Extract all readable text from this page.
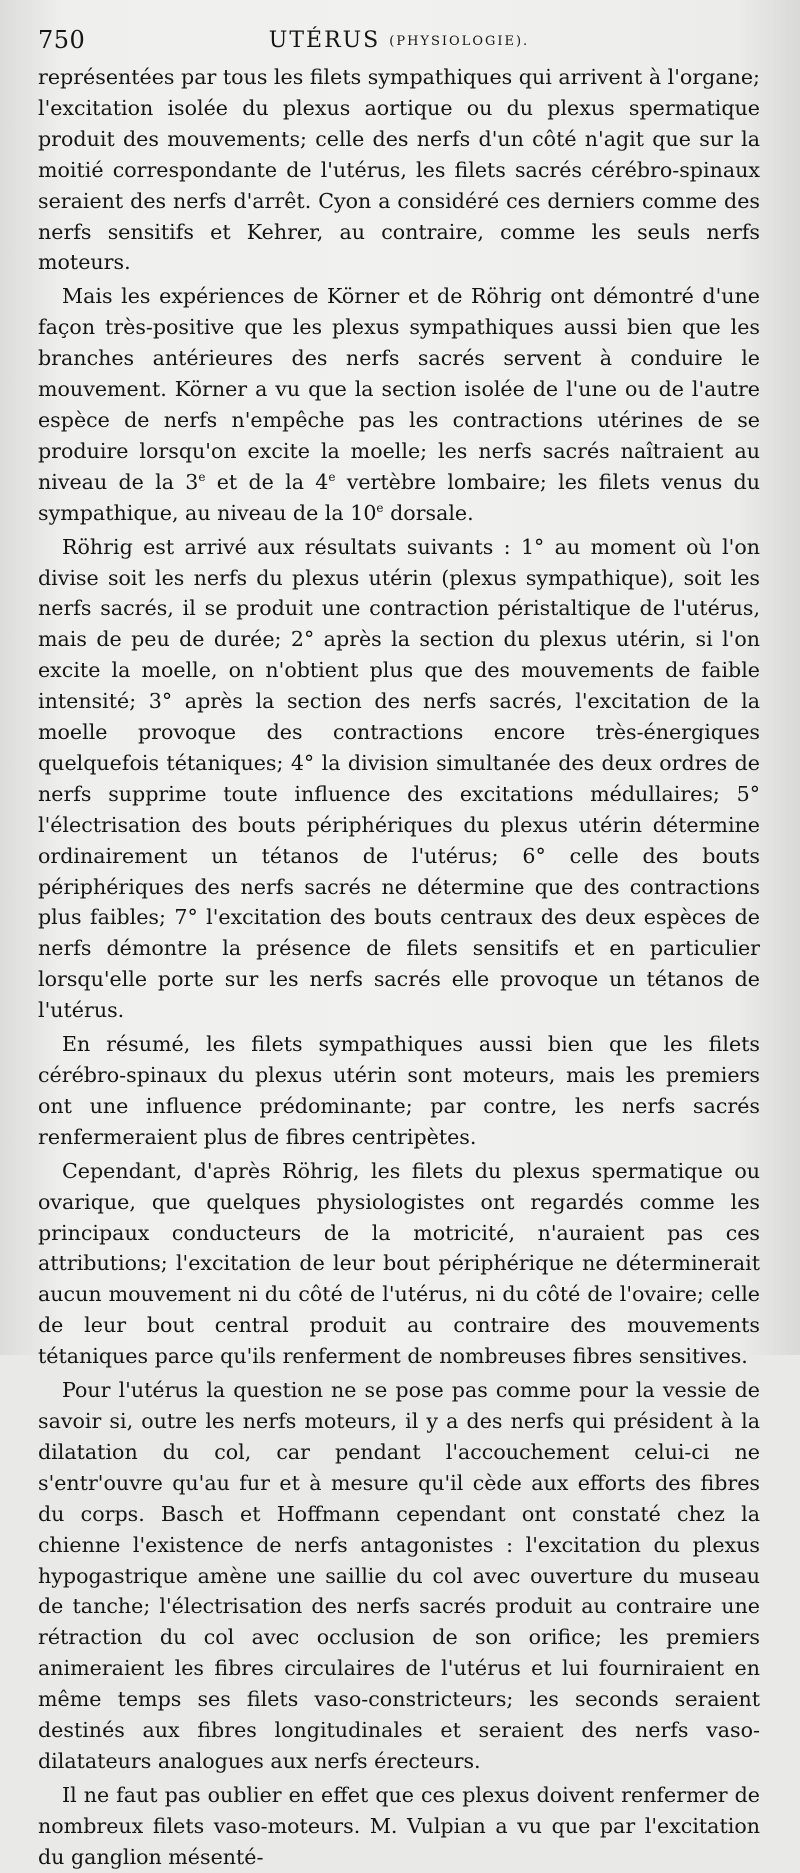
750	UTÉRUS (PHYSIOLOGIE).

représentées par tous les filets sympathiques qui arrivent à l'organe; l'excitation isolée du plexus aortique ou du plexus spermatique produit des mouvements; celle des nerfs d'un côté n'agit que sur la moitié correspondante de l'utérus, les filets sacrés cérébro-spinaux seraient des nerfs d'arrêt. Cyon a considéré ces derniers comme des nerfs sensitifs et Kehrer, au contraire, comme les seuls nerfs moteurs.

Mais les expériences de Körner et de Röhrig ont démontré d'une façon très-positive que les plexus sympathiques aussi bien que les branches antérieures des nerfs sacrés servent à conduire le mouvement. Körner a vu que la section isolée de l'une ou de l'autre espèce de nerfs n'empêche pas les contractions utérines de se produire lorsqu'on excite la moelle; les nerfs sacrés naîtraient au niveau de la 3e et de la 4e vertèbre lombaire; les filets venus du sympathique, au niveau de la 10e dorsale.

Röhrig est arrivé aux résultats suivants : 1° au moment où l'on divise soit les nerfs du plexus utérin (plexus sympathique), soit les nerfs sacrés, il se produit une contraction péristaltique de l'utérus, mais de peu de durée; 2° après la section du plexus utérin, si l'on excite la moelle, on n'obtient plus que des mouvements de faible intensité; 3° après la section des nerfs sacrés, l'excitation de la moelle provoque des contractions encore très-énergiques quelquefois tétaniques; 4° la division simultanée des deux ordres de nerfs supprime toute influence des excitations médullaires; 5° l'électrisation des bouts périphériques du plexus utérin détermine ordinairement un tétanos de l'utérus; 6° celle des bouts périphériques des nerfs sacrés ne détermine que des contractions plus faibles; 7° l'excitation des bouts centraux des deux espèces de nerfs démontre la présence de filets sensitifs et en particulier lorsqu'elle porte sur les nerfs sacrés elle provoque un tétanos de l'utérus.

En résumé, les filets sympathiques aussi bien que les filets cérébro-spinaux du plexus utérin sont moteurs, mais les premiers ont une influence prédominante; par contre, les nerfs sacrés renfermeraient plus de fibres centripètes.

Cependant, d'après Röhrig, les filets du plexus spermatique ou ovarique, que quelques physiologistes ont regardés comme les principaux conducteurs de la motricité, n'auraient pas ces attributions; l'excitation de leur bout périphérique ne déterminerait aucun mouvement ni du côté de l'utérus, ni du côté de l'ovaire; celle de leur bout central produit au contraire des mouvements tétaniques parce qu'ils renferment de nombreuses fibres sensitives.

Pour l'utérus la question ne se pose pas comme pour la vessie de savoir si, outre les nerfs moteurs, il y a des nerfs qui président à la dilatation du col, car pendant l'accouchement celui-ci ne s'entr'ouvre qu'au fur et à mesure qu'il cède aux efforts des fibres du corps. Basch et Hoffmann cependant ont constaté chez la chienne l'existence de nerfs antagonistes : l'excitation du plexus hypogastrique amène une saillie du col avec ouverture du museau de tanche; l'électrisation des nerfs sacrés produit au contraire une rétraction du col avec occlusion de son orifice; les premiers animeraient les fibres circulaires de l'utérus et lui fourniraient en même temps ses filets vaso-constricteurs; les seconds seraient destinés aux fibres longitudinales et seraient des nerfs vaso-dilatateurs analogues aux nerfs érecteurs.

Il ne faut pas oublier en effet que ces plexus doivent renfermer de nombreux filets vaso-moteurs. M. Vulpian a vu que par l'excitation du ganglion mésenté-
